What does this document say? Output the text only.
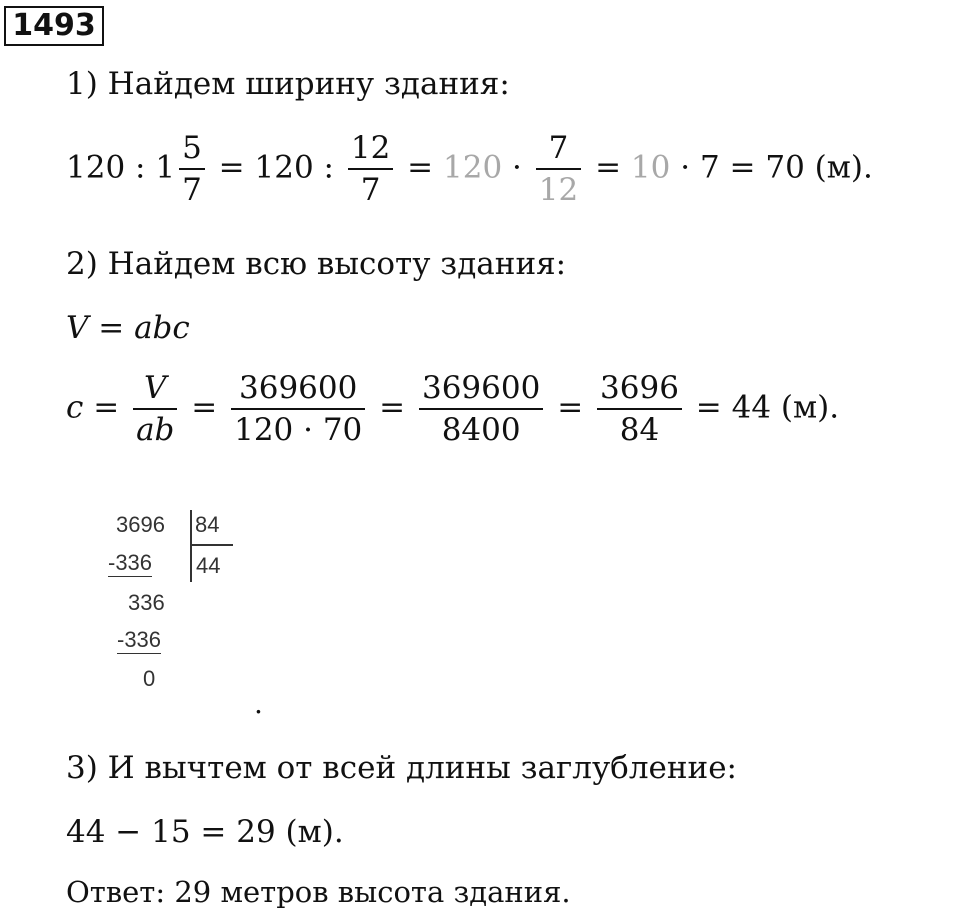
1493
1) Найдем ширину здания:
120 : $1 \frac{5}{7} = 120$ : $\frac{12}{7} = 120 \cdot \frac{7}{12} = 10 \cdot 7 = 70$ (м).
2) Найдем всю высоту здания:
V = abc
$c = \frac{V}{ab} = \frac{369600}{120 \cdot 70} = \frac{369600}{8400} = \frac{3696}{84} = 44$ (м).
3696 84
-336 44
336
-336
0
.
3) И вычтем от всей длины заглубление:
44 − 15 = 29 (м).
Ответ: 29 метров высота здания.
